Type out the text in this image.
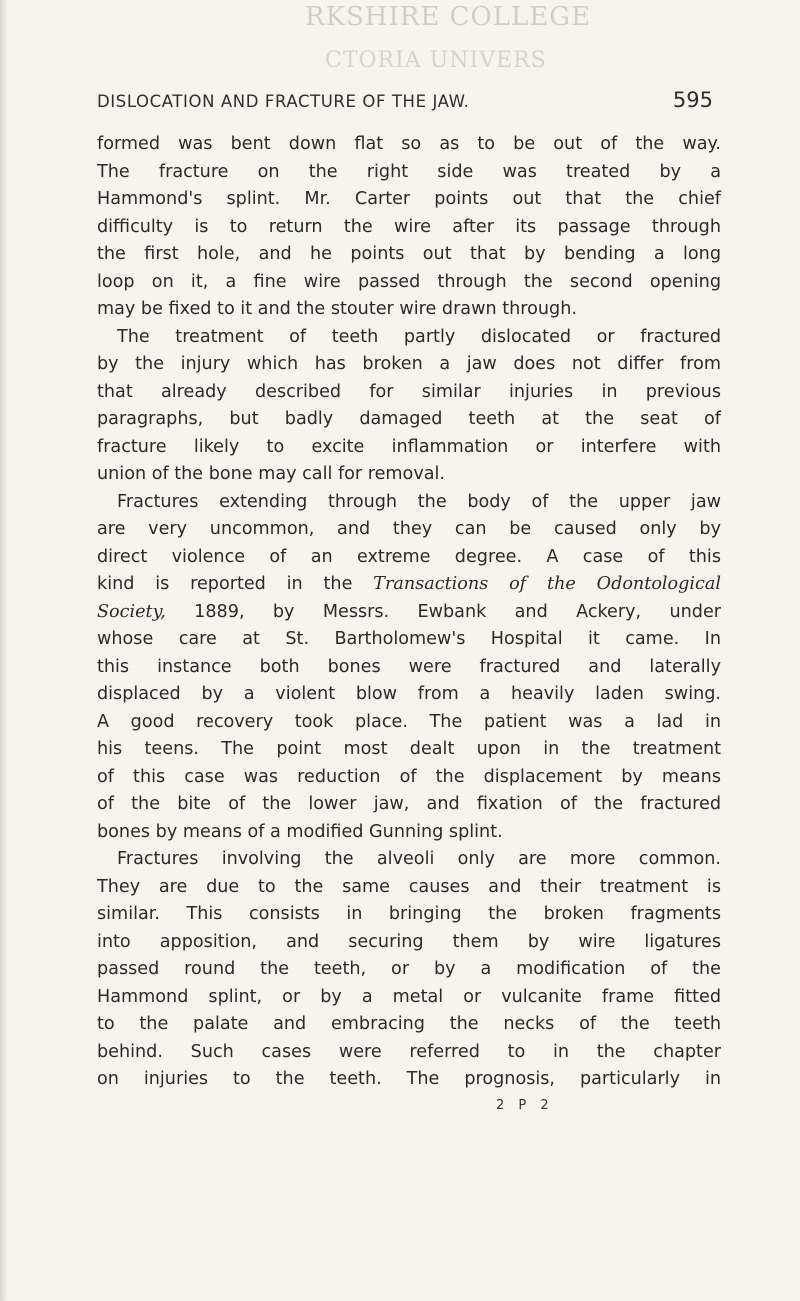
RKSHIRE COLLEGE
CTORIA UNIVERS
DISLOCATION AND FRACTURE OF THE JAW.	595
formed was bent down flat so as to be out of the way.
The fracture on the right side was treated by a
Hammond's splint. Mr. Carter points out that the chief
difficulty is to return the wire after its passage through
the first hole, and he points out that by bending a long
loop on it, a fine wire passed through the second opening
may be fixed to it and the stouter wire drawn through.
The treatment of teeth partly dislocated or fractured
by the injury which has broken a jaw does not differ from
that already described for similar injuries in previous
paragraphs, but badly damaged teeth at the seat of
fracture likely to excite inflammation or interfere with
union of the bone may call for removal.
Fractures extending through the body of the upper jaw
are very uncommon, and they can be caused only by
direct violence of an extreme degree. A case of this
kind is reported in the Transactions of the Odontological
Society, 1889, by Messrs. Ewbank and Ackery, under
whose care at St. Bartholomew's Hospital it came. In
this instance both bones were fractured and laterally
displaced by a violent blow from a heavily laden swing.
A good recovery took place. The patient was a lad in
his teens. The point most dealt upon in the treatment
of this case was reduction of the displacement by means
of the bite of the lower jaw, and fixation of the fractured
bones by means of a modified Gunning splint.
Fractures involving the alveoli only are more common.
They are due to the same causes and their treatment is
similar. This consists in bringing the broken fragments
into apposition, and securing them by wire ligatures
passed round the teeth, or by a modification of the
Hammond splint, or by a metal or vulcanite frame fitted
to the palate and embracing the necks of the teeth
behind. Such cases were referred to in the chapter
on injuries to the teeth. The prognosis, particularly in
2 P 2
